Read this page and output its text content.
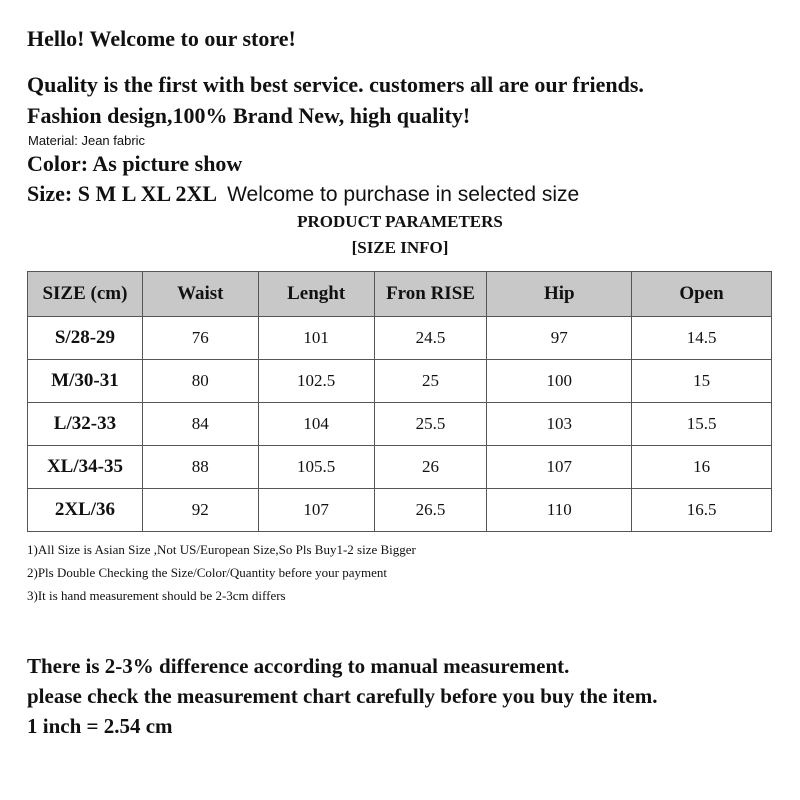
Hello! Welcome to our store!
Quality is the first with best service. customers all are our friends.
Fashion design,100% Brand New, high quality!
Material: Jean fabric
Color: As picture show
Size: S M L XL 2XL Welcome to purchase in selected size
PRODUCT PARAMETERS
[SIZE INFO]
SIZE (cm)	Waist	Lenght	Fron RISE	Hip	Open
S/28-29	76	101	24.5	97	14.5
M/30-31	80	102.5	25	100	15
L/32-33	84	104	25.5	103	15.5
XL/34-35	88	105.5	26	107	16
2XL/36	92	107	26.5	110	16.5
1)All Size is Asian Size ,Not US/European Size,So Pls Buy1-2 size Bigger
2)Pls Double Checking the Size/Color/Quantity before your payment
3)It is hand measurement should be 2-3cm differs
There is 2-3% difference according to manual measurement.
please check the measurement chart carefully before you buy the item.
1 inch = 2.54 cm
